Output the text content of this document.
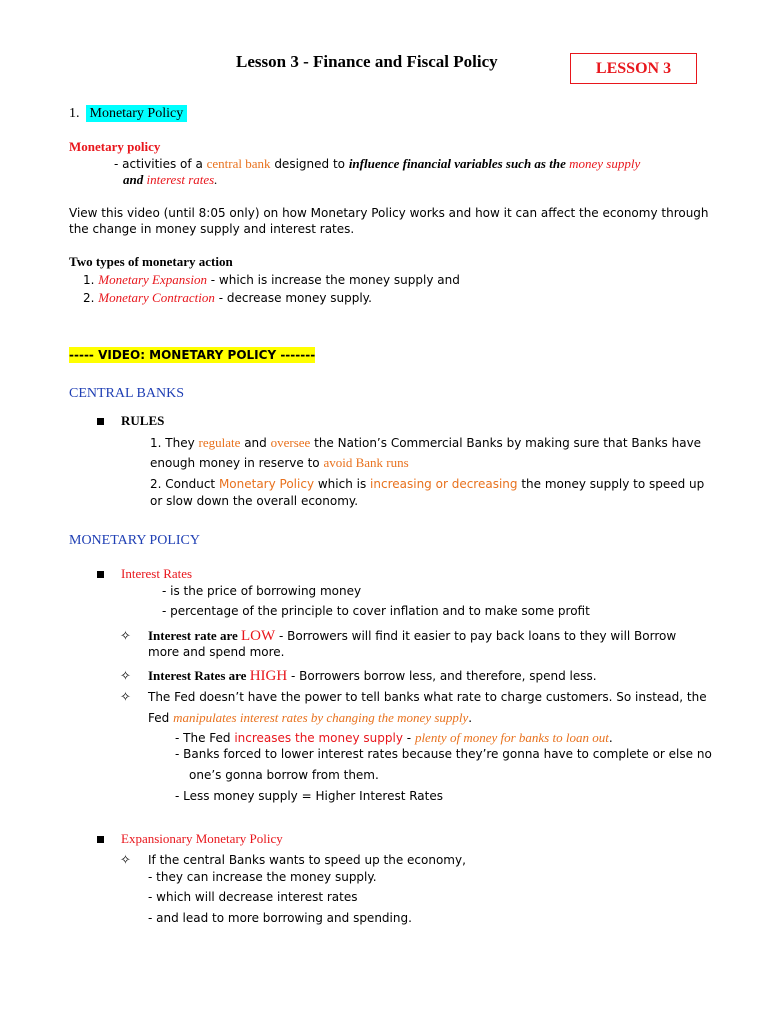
Lesson 3 - Finance and Fiscal Policy	LESSON 3
1. Monetary Policy
Monetary policy
- activities of a central bank designed to influence financial variables such as the money supply
and interest rates.
View this video (until 8:05 only) on how Monetary Policy works and how it can affect the economy through
the change in money supply and interest rates.
Two types of monetary action
1. Monetary Expansion - which is increase the money supply and
2. Monetary Contraction - decrease money supply.
----- VIDEO: MONETARY POLICY -------
CENTRAL BANKS
RULES
1. They regulate and oversee the Nation’s Commercial Banks by making sure that Banks have
enough money in reserve to avoid Bank runs
2. Conduct Monetary Policy which is increasing or decreasing the money supply to speed up
or slow down the overall economy.
MONETARY POLICY
Interest Rates
- is the price of borrowing money
- percentage of the principle to cover inflation and to make some profit
✧ Interest rate are LOW - Borrowers will find it easier to pay back loans to they will Borrow
more and spend more.
✧ Interest Rates are HIGH - Borrowers borrow less, and therefore, spend less.
✧ The Fed doesn’t have the power to tell banks what rate to charge customers. So instead, the
Fed manipulates interest rates by changing the money supply.
- The Fed increases the money supply - plenty of money for banks to loan out.
- Banks forced to lower interest rates because they’re gonna have to complete or else no
one’s gonna borrow from them.
- Less money supply = Higher Interest Rates
Expansionary Monetary Policy
✧ If the central Banks wants to speed up the economy,
- they can increase the money supply.
- which will decrease interest rates
- and lead to more borrowing and spending.
